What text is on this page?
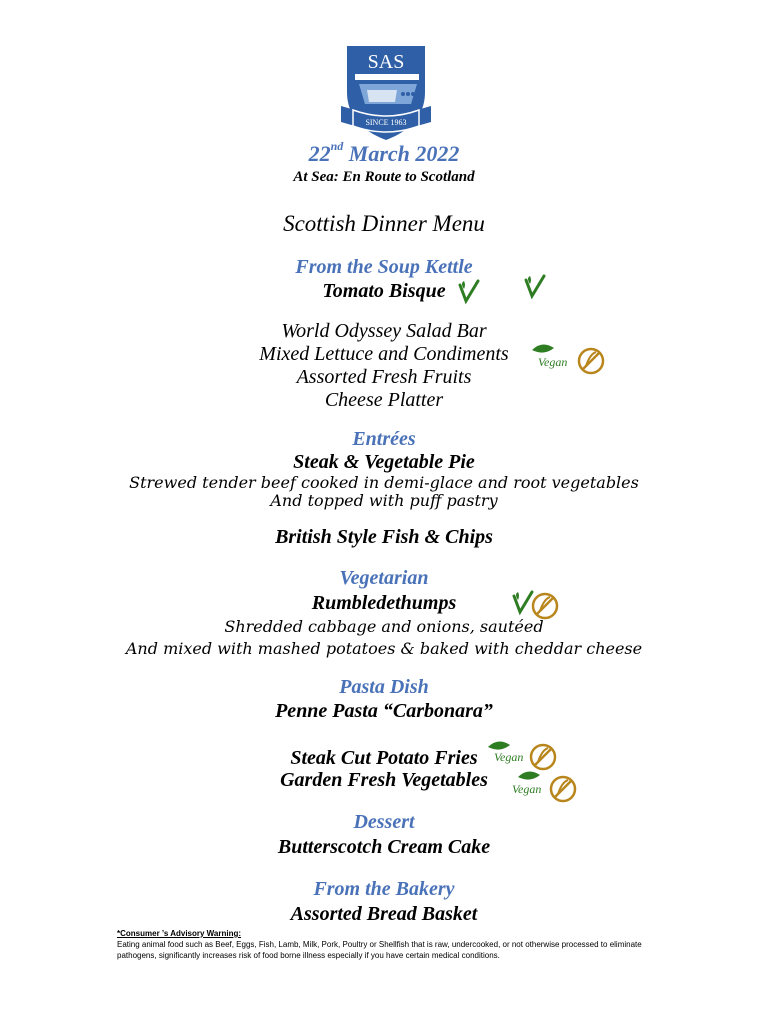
SAS
SINCE 1963
22nd March 2022
At Sea: En Route to Scotland
Scottish Dinner Menu
From the Soup Kettle
Tomato Bisque
World Odyssey Salad Bar
Mixed Lettuce and Condiments
Assorted Fresh Fruits
Cheese Platter
Vegan
Entrées
Steak & Vegetable Pie
Strewed tender beef cooked in demi-glace and root vegetables
And topped with puff pastry
British Style Fish & Chips
Vegetarian
Rumbledethumps
Shredded cabbage and onions, sautéed
And mixed with mashed potatoes & baked with cheddar cheese
Pasta Dish
Penne Pasta “Carbonara”
Steak Cut Potato Fries
Garden Fresh Vegetables
Vegan
Vegan
Dessert
Butterscotch Cream Cake
From the Bakery
Assorted Bread Basket
*Consumer ’s Advisory Warning:
Eating animal food such as Beef, Eggs, Fish, Lamb, Milk, Pork, Poultry or Shellfish that is raw, undercooked, or not otherwise processed to eliminate pathogens, significantly increases risk of food borne illness especially if you have certain medical conditions.
